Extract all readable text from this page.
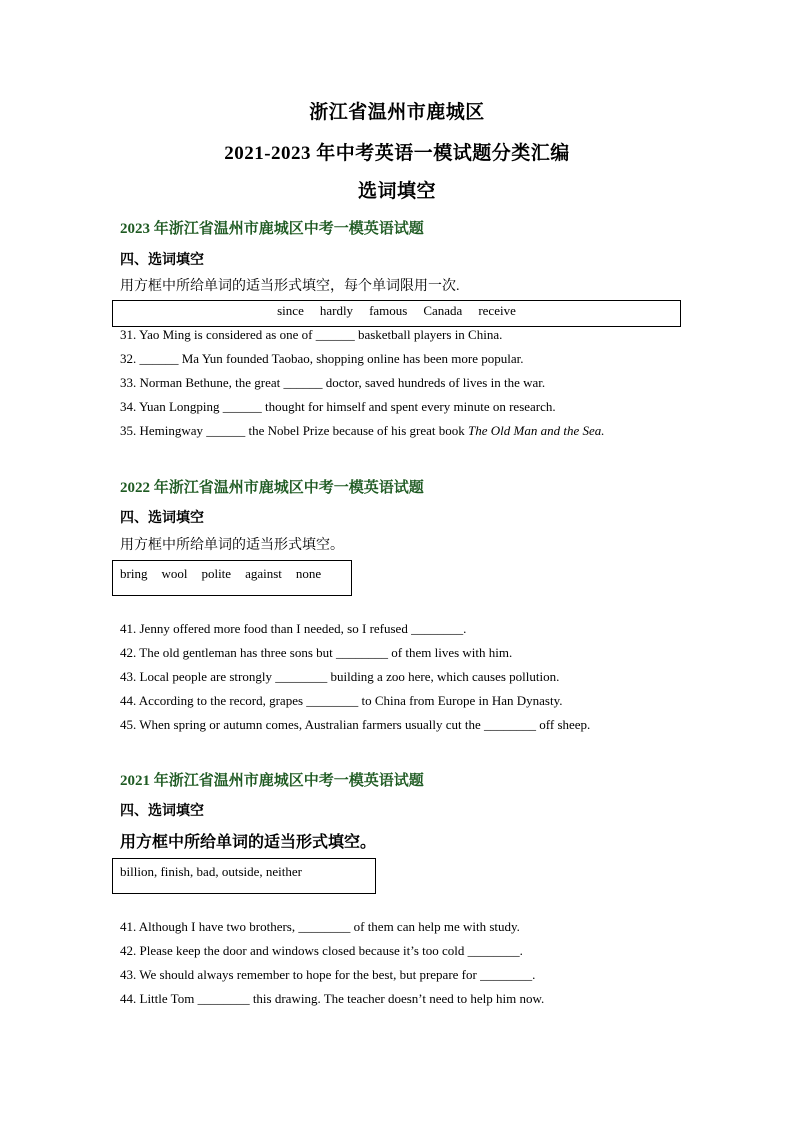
浙江省温州市鹿城区
2021-2023 年中考英语一模试题分类汇编
选词填空
2023 年浙江省温州市鹿城区中考一模英语试题
四、选词填空
用方框中所给单词的适当形式填空，每个单词限用一次.
since hardly famous Canada receive
31. Yao Ming is considered as one of ______ basketball players in China.
32. ______ Ma Yun founded Taobao, shopping online has been more popular.
33. Norman Bethune, the great ______ doctor, saved hundreds of lives in the war.
34. Yuan Longping ______ thought for himself and spent every minute on research.
35. Hemingway ______ the Nobel Prize because of his great book The Old Man and the Sea.
2022 年浙江省温州市鹿城区中考一模英语试题
四、选词填空
用方框中所给单词的适当形式填空。
bring wool polite against none
41. Jenny offered more food than I needed, so I refused ________.
42. The old gentleman has three sons but ________ of them lives with him.
43. Local people are strongly ________ building a zoo here, which causes pollution.
44. According to the record, grapes ________ to China from Europe in Han Dynasty.
45. When spring or autumn comes, Australian farmers usually cut the ________ off sheep.
2021 年浙江省温州市鹿城区中考一模英语试题
四、选词填空
用方框中所给单词的适当形式填空。
billion, finish, bad, outside, neither
41. Although I have two brothers, ________ of them can help me with study.
42. Please keep the door and windows closed because it’s too cold ________.
43. We should always remember to hope for the best, but prepare for ________.
44. Little Tom ________ this drawing. The teacher doesn’t need to help him now.
